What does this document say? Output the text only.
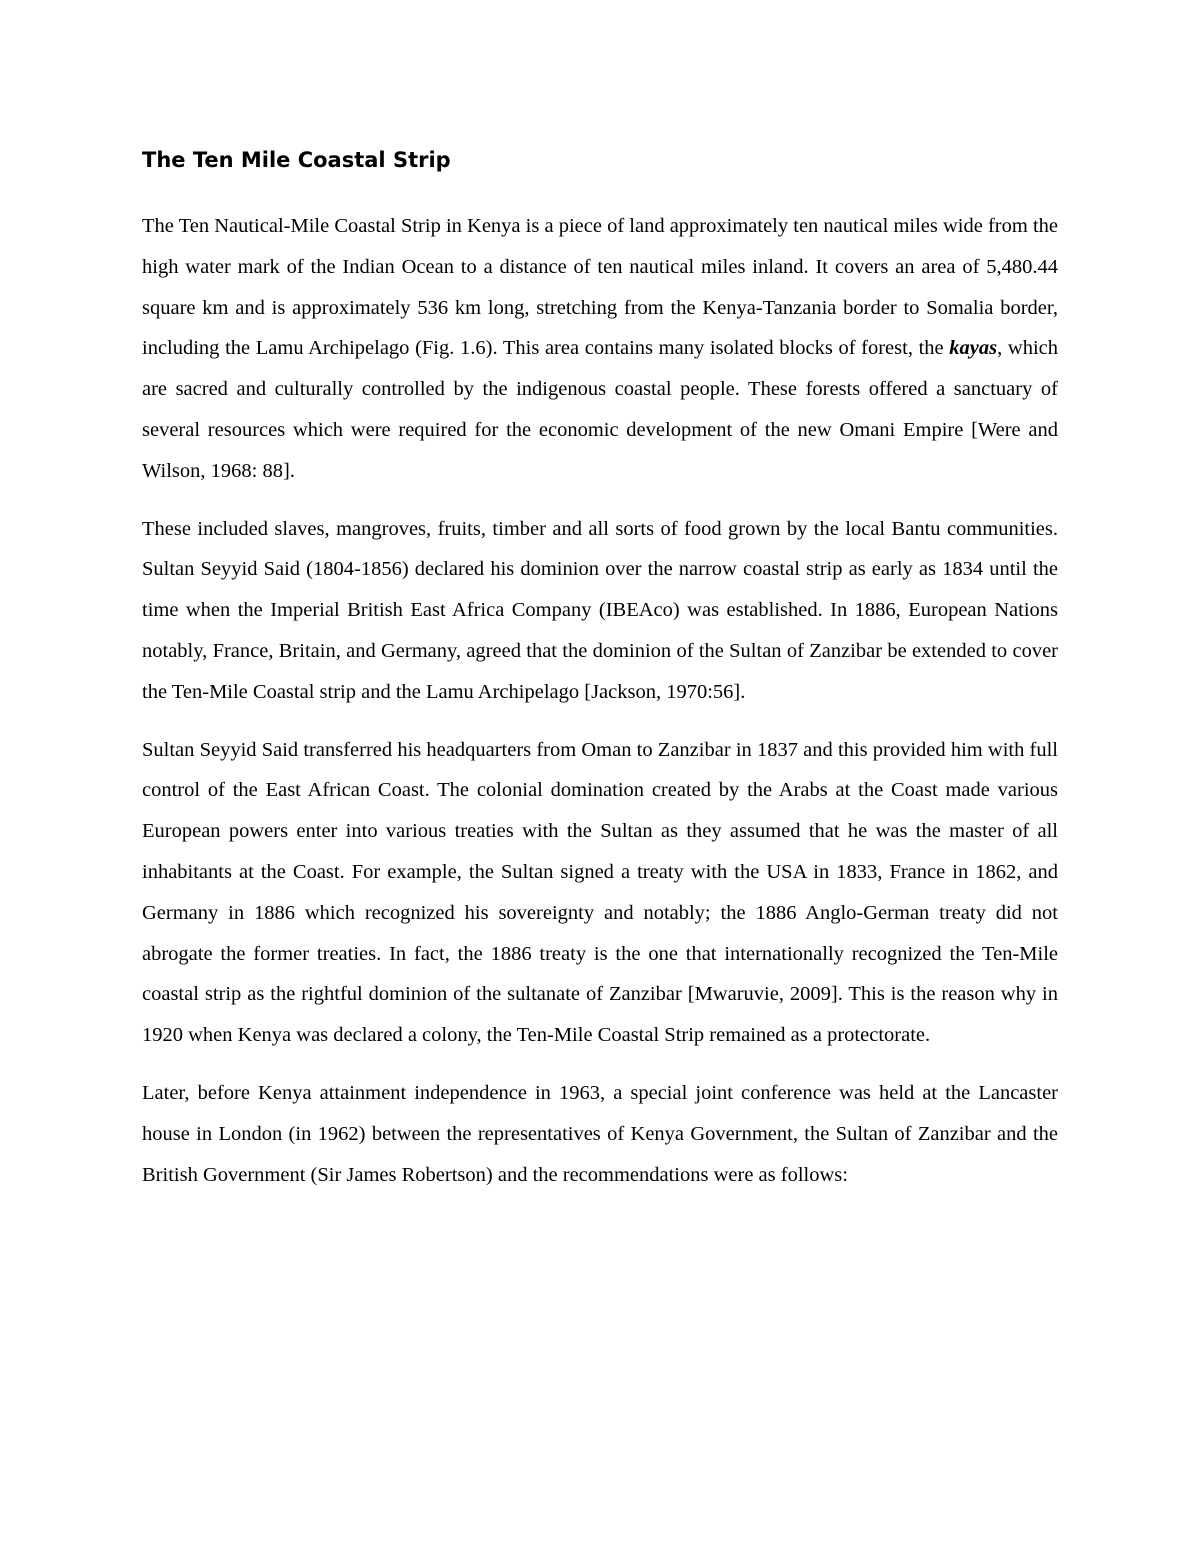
The Ten Mile Coastal Strip

The Ten Nautical-Mile Coastal Strip in Kenya is a piece of land approximately ten nautical miles wide from the high water mark of the Indian Ocean to a distance of ten nautical miles inland. It covers an area of 5,480.44 square km and is approximately 536 km long, stretching from the Kenya-Tanzania border to Somalia border, including the Lamu Archipelago (Fig. 1.6). This area contains many isolated blocks of forest, the kayas, which are sacred and culturally controlled by the indigenous coastal people. These forests offered a sanctuary of several resources which were required for the economic development of the new Omani Empire [Were and Wilson, 1968: 88].

These included slaves, mangroves, fruits, timber and all sorts of food grown by the local Bantu communities. Sultan Seyyid Said (1804-1856) declared his dominion over the narrow coastal strip as early as 1834 until the time when the Imperial British East Africa Company (IBEAco) was established. In 1886, European Nations notably, France, Britain, and Germany, agreed that the dominion of the Sultan of Zanzibar be extended to cover the Ten-Mile Coastal strip and the Lamu Archipelago [Jackson, 1970:56].

Sultan Seyyid Said transferred his headquarters from Oman to Zanzibar in 1837 and this provided him with full control of the East African Coast. The colonial domination created by the Arabs at the Coast made various European powers enter into various treaties with the Sultan as they assumed that he was the master of all inhabitants at the Coast. For example, the Sultan signed a treaty with the USA in 1833, France in 1862, and Germany in 1886 which recognized his sovereignty and notably; the 1886 Anglo-German treaty did not abrogate the former treaties. In fact, the 1886 treaty is the one that internationally recognized the Ten-Mile coastal strip as the rightful dominion of the sultanate of Zanzibar [Mwaruvie, 2009]. This is the reason why in 1920 when Kenya was declared a colony, the Ten-Mile Coastal Strip remained as a protectorate.

Later, before Kenya attainment independence in 1963, a special joint conference was held at the Lancaster house in London (in 1962) between the representatives of Kenya Government, the Sultan of Zanzibar and the British Government (Sir James Robertson) and the recommendations were as follows:
